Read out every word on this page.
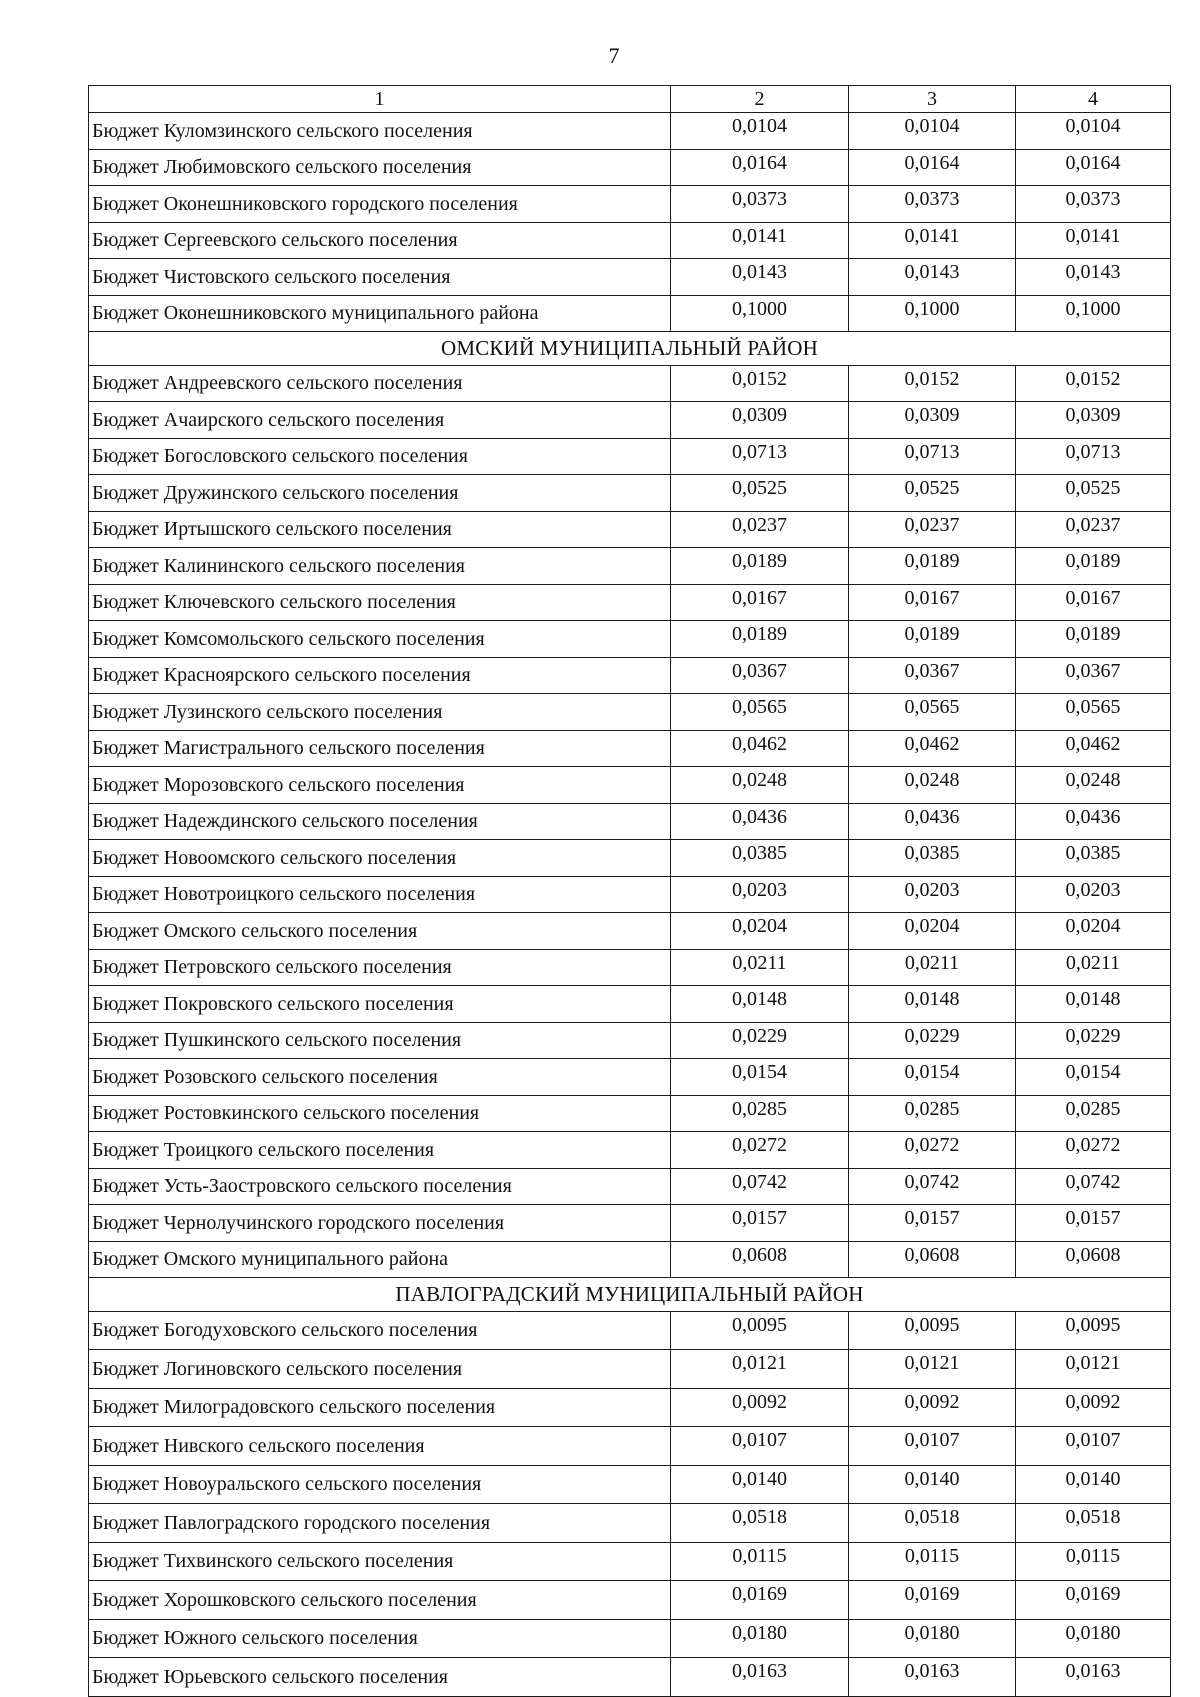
7
1	2	3	4
Бюджет Куломзинского сельского поселения	0,0104	0,0104	0,0104
Бюджет Любимовского сельского поселения	0,0164	0,0164	0,0164
Бюджет Оконешниковского городского поселения	0,0373	0,0373	0,0373
Бюджет Сергеевского сельского поселения	0,0141	0,0141	0,0141
Бюджет Чистовского сельского поселения	0,0143	0,0143	0,0143
Бюджет Оконешниковского муниципального района	0,1000	0,1000	0,1000
ОМСКИЙ МУНИЦИПАЛЬНЫЙ РАЙОН			
Бюджет Андреевского сельского поселения	0,0152	0,0152	0,0152
Бюджет Ачаирского сельского поселения	0,0309	0,0309	0,0309
Бюджет Богословского сельского поселения	0,0713	0,0713	0,0713
Бюджет Дружинского сельского поселения	0,0525	0,0525	0,0525
Бюджет Иртышского сельского поселения	0,0237	0,0237	0,0237
Бюджет Калининского сельского поселения	0,0189	0,0189	0,0189
Бюджет Ключевского сельского поселения	0,0167	0,0167	0,0167
Бюджет Комсомольского сельского поселения	0,0189	0,0189	0,0189
Бюджет Красноярского сельского поселения	0,0367	0,0367	0,0367
Бюджет Лузинского сельского поселения	0,0565	0,0565	0,0565
Бюджет Магистрального сельского поселения	0,0462	0,0462	0,0462
Бюджет Морозовского сельского поселения	0,0248	0,0248	0,0248
Бюджет Надеждинского сельского поселения	0,0436	0,0436	0,0436
Бюджет Новоомского сельского поселения	0,0385	0,0385	0,0385
Бюджет Новотроицкого сельского поселения	0,0203	0,0203	0,0203
Бюджет Омского сельского поселения	0,0204	0,0204	0,0204
Бюджет Петровского сельского поселения	0,0211	0,0211	0,0211
Бюджет Покровского сельского поселения	0,0148	0,0148	0,0148
Бюджет Пушкинского сельского поселения	0,0229	0,0229	0,0229
Бюджет Розовского сельского поселения	0,0154	0,0154	0,0154
Бюджет Ростовкинского сельского поселения	0,0285	0,0285	0,0285
Бюджет Троицкого сельского поселения	0,0272	0,0272	0,0272
Бюджет Усть-Заостровского сельского поселения	0,0742	0,0742	0,0742
Бюджет Чернолучинского городского поселения	0,0157	0,0157	0,0157
Бюджет Омского муниципального района	0,0608	0,0608	0,0608
ПАВЛОГРАДСКИЙ МУНИЦИПАЛЬНЫЙ РАЙОН			
Бюджет Богодуховского сельского поселения	0,0095	0,0095	0,0095
Бюджет Логиновского сельского поселения	0,0121	0,0121	0,0121
Бюджет Милоградовского сельского поселения	0,0092	0,0092	0,0092
Бюджет Нивского сельского поселения	0,0107	0,0107	0,0107
Бюджет Новоуральского сельского поселения	0,0140	0,0140	0,0140
Бюджет Павлоградского городского поселения	0,0518	0,0518	0,0518
Бюджет Тихвинского сельского поселения	0,0115	0,0115	0,0115
Бюджет Хорошковского сельского поселения	0,0169	0,0169	0,0169
Бюджет Южного сельского поселения	0,0180	0,0180	0,0180
Бюджет Юрьевского сельского поселения	0,0163	0,0163	0,0163
